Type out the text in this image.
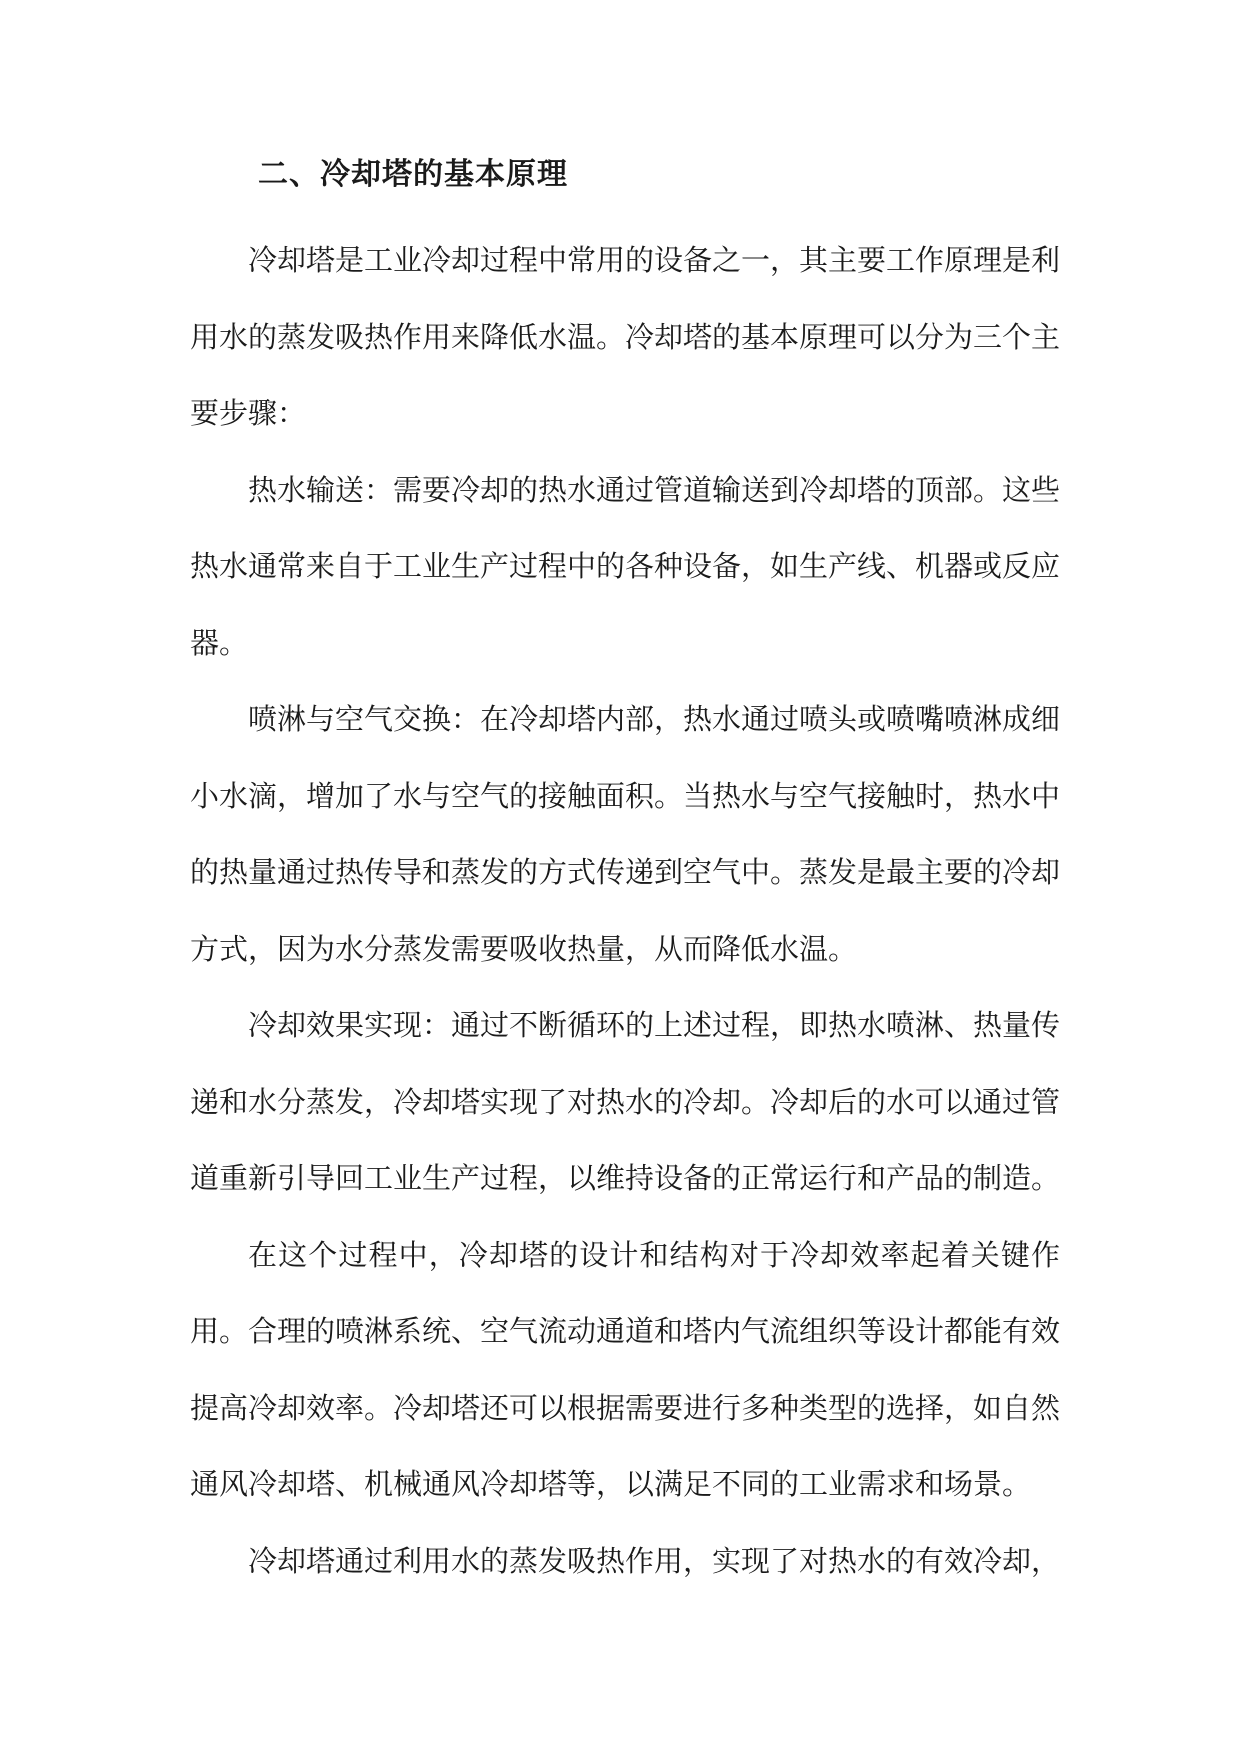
二、冷却塔的基本原理

冷却塔是工业冷却过程中常用的设备之一，其主要工作原理是利用水的蒸发吸热作用来降低水温。冷却塔的基本原理可以分为三个主要步骤：

热水输送：需要冷却的热水通过管道输送到冷却塔的顶部。这些热水通常来自于工业生产过程中的各种设备，如生产线、机器或反应器。

喷淋与空气交换：在冷却塔内部，热水通过喷头或喷嘴喷淋成细小水滴，增加了水与空气的接触面积。当热水与空气接触时，热水中的热量通过热传导和蒸发的方式传递到空气中。蒸发是最主要的冷却方式，因为水分蒸发需要吸收热量，从而降低水温。

冷却效果实现：通过不断循环的上述过程，即热水喷淋、热量传递和水分蒸发，冷却塔实现了对热水的冷却。冷却后的水可以通过管道重新引导回工业生产过程，以维持设备的正常运行和产品的制造。

在这个过程中，冷却塔的设计和结构对于冷却效率起着关键作用。合理的喷淋系统、空气流动通道和塔内气流组织等设计都能有效提高冷却效率。冷却塔还可以根据需要进行多种类型的选择，如自然通风冷却塔、机械通风冷却塔等，以满足不同的工业需求和场景。

冷却塔通过利用水的蒸发吸热作用，实现了对热水的有效冷却，
